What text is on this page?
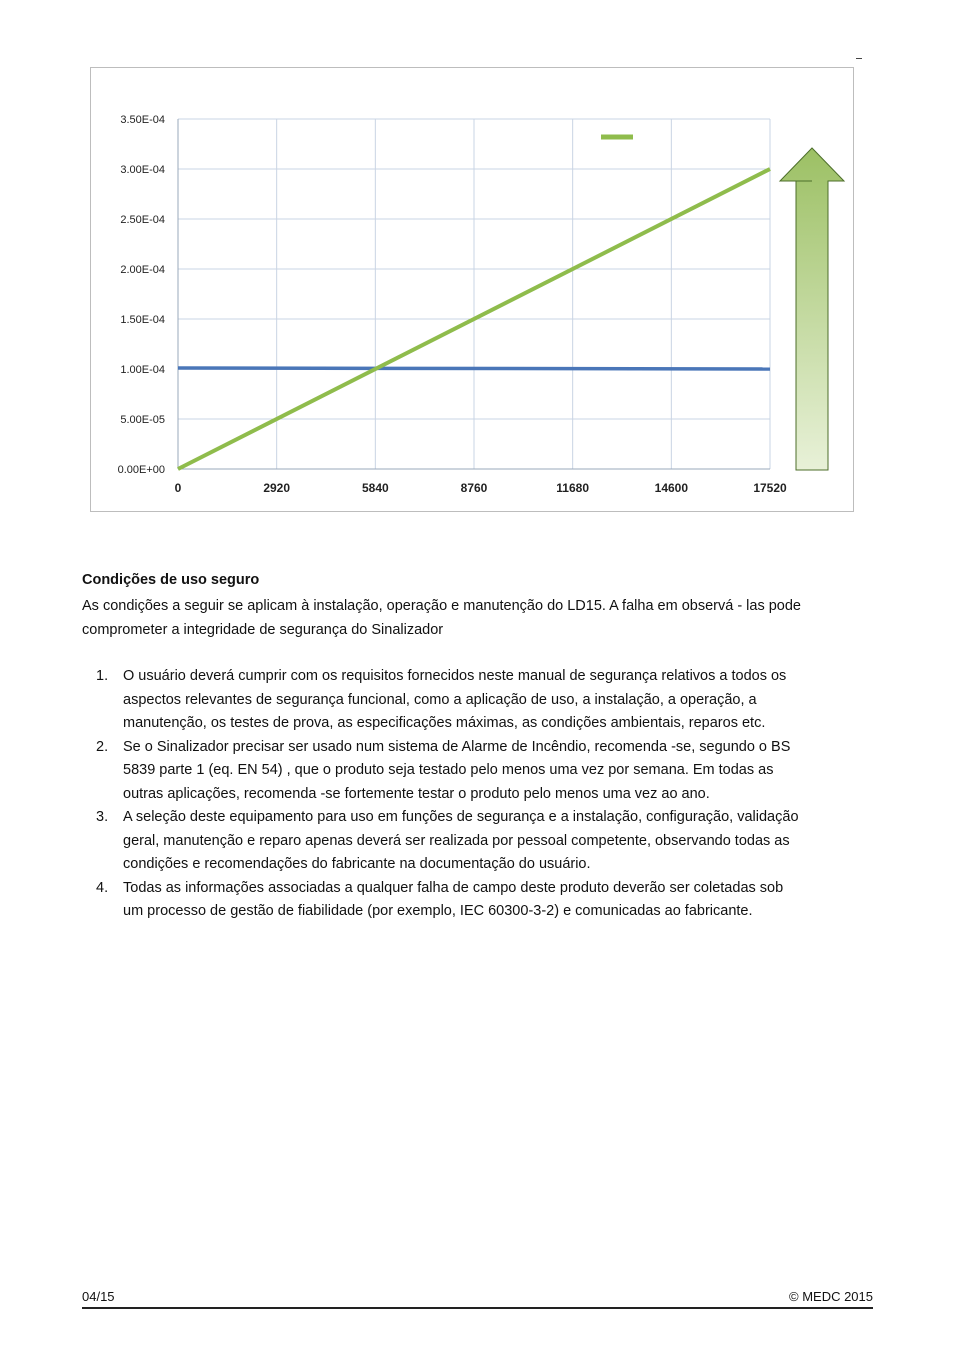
0.00E+00
5.00E-05
1.00E-04
1.50E-04
2.00E-04
2.50E-04
3.00E-04
3.50E-04
0	2920	5840	8760	11680	14600	17520
Condições de uso seguro

As condições a seguir se aplicam à instalação, operação e manutenção do LD15. A falha em observá - las pode

comprometer a integridade de segurança do Sinalizador

1. O usuário deverá cumprir com os requisitos fornecidos neste manual de segurança relativos a todos os
aspectos relevantes de segurança funcional, como a aplicação de uso, a instalação, a operação, a
manutenção, os testes de prova, as especificações máximas, as condições ambientais, reparos etc.
2. Se o Sinalizador precisar ser usado num sistema de Alarme de Incêndio, recomenda -se, segundo o BS
5839 parte 1 (eq. EN 54) , que o produto seja testado pelo menos uma vez por semana. Em todas as
outras aplicações, recomenda -se fortemente testar o produto pelo menos uma vez ao ano.
3. A seleção deste equipamento para uso em funções de segurança e a instalação, configuração, validação
geral, manutenção e reparo apenas deverá ser realizada por pessoal competente, observando todas as
condições e recomendações do fabricante na documentação do usuário.
4. Todas as informações associadas a qualquer falha de campo deste produto deverão ser coletadas sob
um processo de gestão de fiabilidade (por exemplo, IEC 60300-3-2) e comunicadas ao fabricante.
04/15	© MEDC 2015
